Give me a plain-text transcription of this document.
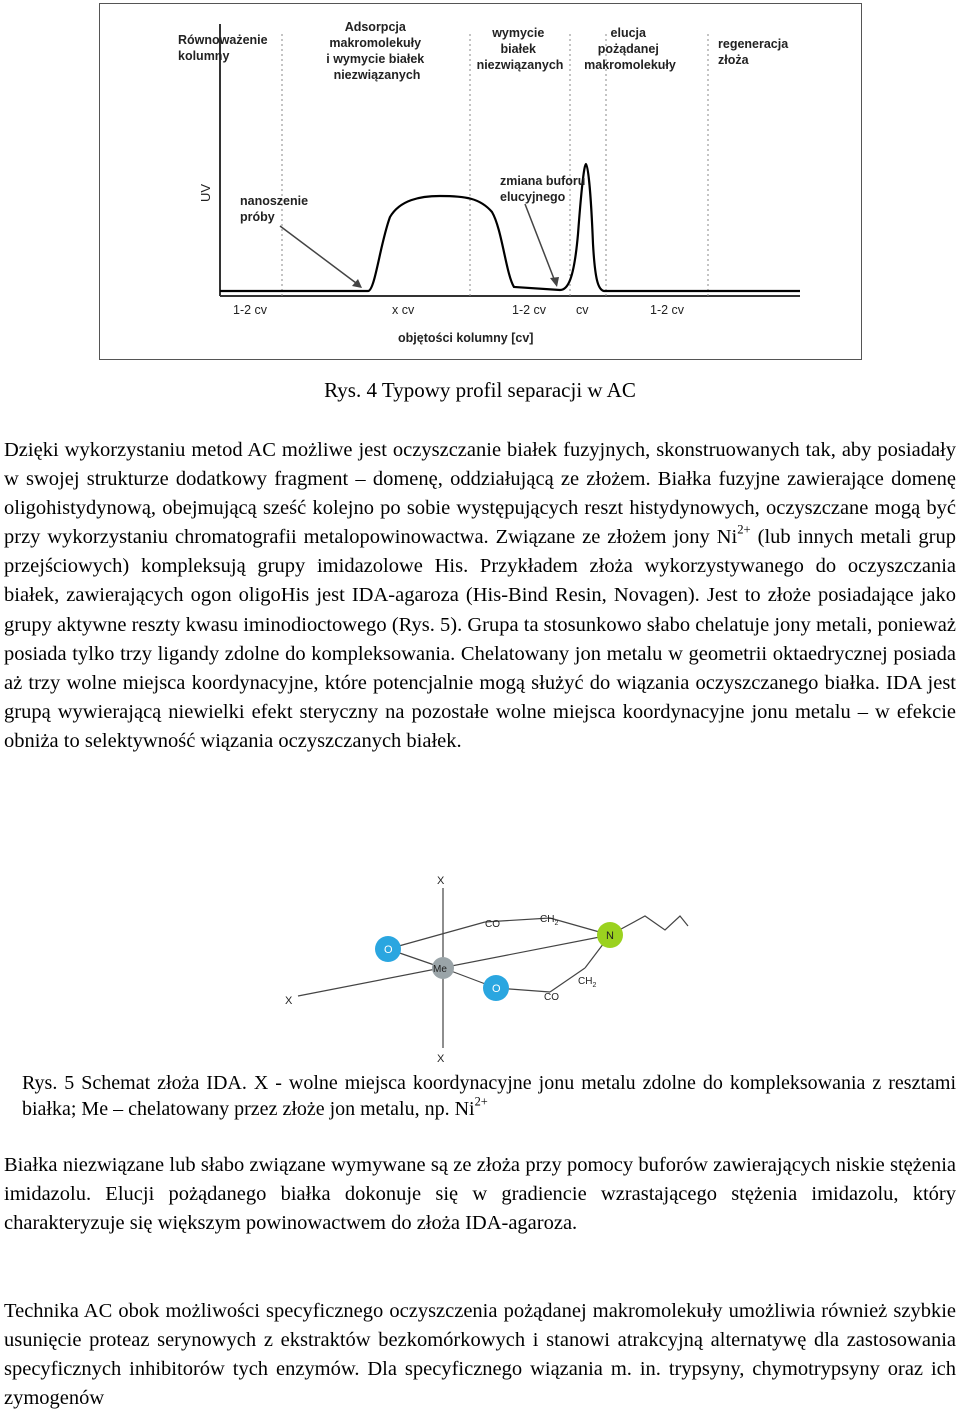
Równoważenie kolumny
Adsorpcja makromolekuły i wymycie białek niezwiązanych
wymycie białek niezwiązanych
elucja pożądanej makromolekuły
regeneracja złoża
nanoszenie próby
zmiana buforu elucyjnego
UV
1-2 cv	x cv	1-2 cv cv	1-2 cv
objętości kolumny [cv]
Rys. 4 Typowy profil separacji w AC

Dzięki wykorzystaniu metod AC możliwe jest oczyszczanie białek fuzyjnych, skonstruowanych tak, aby posiadały w swojej strukturze dodatkowy fragment – domenę, oddziałującą ze złożem. Białka fuzyjne zawierające domenę oligohistydynową, obejmującą sześć kolejno po sobie występujących reszt histydynowych, oczyszczane mogą być przy wykorzystaniu chromatografii metalopowinowactwa. Związane ze złożem jony $Ni^{2+}$ (lub innych metali grup przejściowych) kompleksują grupy imidazolowe His. Przykładem złoża wykorzystywanego do oczyszczania białek, zawierających ogon oligoHis jest IDA-agaroza (His-Bind Resin, Novagen). Jest to złoże posiadające jako grupy aktywne reszty kwasu iminodioctowego (Rys. 5). Grupa ta stosunkowo słabo chelatuje jony metali, ponieważ posiada tylko trzy ligandy zdolne do kompleksowania. Chelatowany jon metalu w geometrii oktaedrycznej posiada aż trzy wolne miejsca koordynacyjne, które potencjalnie mogą służyć do wiązania oczyszczanego białka. IDA jest grupą wywierającą niewielki efekt steryczny na pozostałe wolne miejsca koordynacyjne jonu metalu – w efekcie obniża to selektywność wiązania oczyszczanych białek.

O
O
N
Me
X
X
X
CO
CO
$CH_2$
$CH_2$

Rys. 5 Schemat złoża IDA. X - wolne miejsca koordynacyjne jonu metalu zdolne do kompleksowania z resztami białka; Me – chelatowany przez złoże jon metalu, np. $Ni^{2+}$

Białka niezwiązane lub słabo związane wymywane są ze złoża przy pomocy buforów zawierających niskie stężenia imidazolu. Elucji pożądanego białka dokonuje się w gradiencie wzrastającego stężenia imidazolu, który charakteryzuje się większym powinowactwem do złoża IDA-agaroza.

Technika AC obok możliwości specyficznego oczyszczenia pożądanej makromolekuły umożliwia również szybkie usunięcie proteaz serynowych z ekstraktów bezkomórkowych i stanowi atrakcyjną alternatywę dla zastosowania specyficznych inhibitorów tych enzymów. Dla specyficznego wiązania m. in. trypsyny, chymotrypsyny oraz ich zymogenów
